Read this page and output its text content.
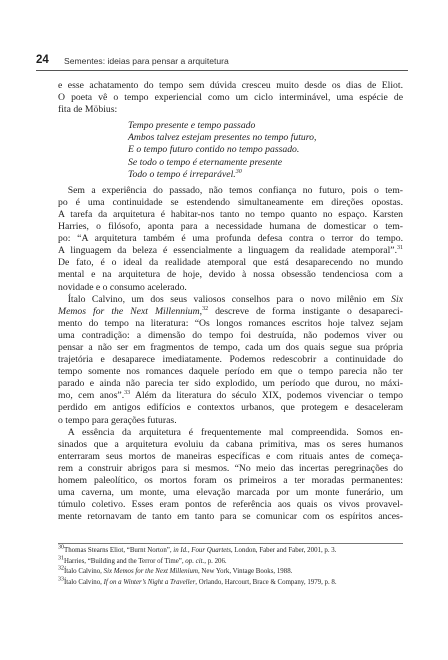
24 Sementes: ideias para pensar a arquitetura
e esse achatamento do tempo sem dúvida cresceu muito desde os dias de Eliot.
O poeta vê o tempo experiencial como um ciclo interminável, uma espécie de
fita de Möbius:
Tempo presente e tempo passado
Ambos talvez estejam presentes no tempo futuro,
E o tempo futuro contido no tempo passado.
Se todo o tempo é eternamente presente
Todo o tempo é irreparável.$^{30}$
 Sem a experiência do passado, não temos confiança no futuro, pois o tem-
po é uma continuidade se estendendo simultaneamente em direções opostas.
A tarefa da arquitetura é habitar-nos tanto no tempo quanto no espaço. Karsten
Harries, o filósofo, aponta para a necessidade humana de domesticar o tem-
po: “A arquitetura também é uma profunda defesa contra o terror do tempo.
A linguagem da beleza é essencialmente a linguagem da realidade atemporal”.$^{31}$
De fato, é o ideal da realidade atemporal que está desaparecendo no mundo
mental e na arquitetura de hoje, devido à nossa obsessão tendenciosa com a
novidade e o consumo acelerado.
 Ítalo Calvino, um dos seus valiosos conselhos para o novo milênio em Six
Memos for the Next Millennium,$^{32}$ descreve de forma instigante o desapareci-
mento do tempo na literatura: “Os longos romances escritos hoje talvez sejam
uma contradição: a dimensão do tempo foi destruída, não podemos viver ou
pensar a não ser em fragmentos de tempo, cada um dos quais segue sua própria
trajetória e desaparece imediatamente. Podemos redescobrir a continuidade do
tempo somente nos romances daquele período em que o tempo parecia não ter
parado e ainda não parecia ter sido explodido, um período que durou, no máxi-
mo, cem anos”.$^{33}$ Além da literatura do século XIX, podemos vivenciar o tempo
perdido em antigos edifícios e contextos urbanos, que protegem e desaceleram
o tempo para gerações futuras.
 A essência da arquitetura é frequentemente mal compreendida. Somos en-
sinados que a arquitetura evoluiu da cabana primitiva, mas os seres humanos
enterraram seus mortos de maneiras específicas e com rituais antes de começa-
rem a construir abrigos para si mesmos. “No meio das incertas peregrinações do
homem paleolítico, os mortos foram os primeiros a ter moradas permanentes:
uma caverna, um monte, uma elevação marcada por um monte funerário, um
túmulo coletivo. Esses eram pontos de referência aos quais os vivos provavel-
mente retornavam de tanto em tanto para se comunicar com os espíritos ances-
$^{30}$Thomas Stearns Eliot, “Burnt Norton”, in Id., Four Quartets, London, Faber and Faber, 2001, p. 3.
$^{31}$Harries, “Building and the Terror of Time”, op. cit., p. 206.
$^{32}$Ítalo Calvino, Six Memos for the Next Millenium, New York, Vintage Books, 1988.
$^{33}$Ítalo Calvino, If on a Winter’s Night a Traveller, Orlando, Harcourt, Brace & Company, 1979, p. 8.
